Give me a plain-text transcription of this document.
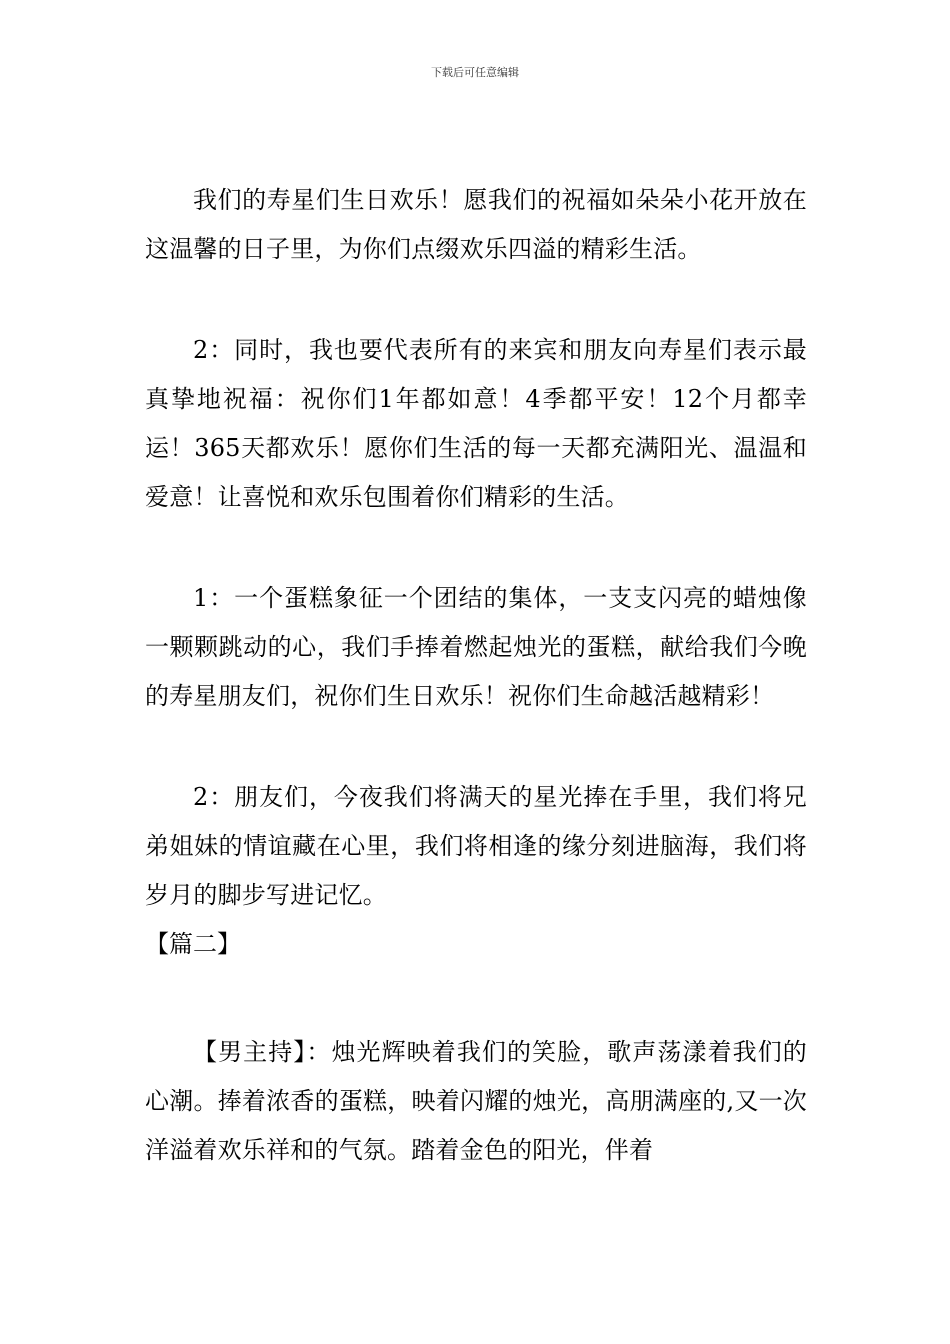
下载后可任意编辑

我们的寿星们生日欢乐！愿我们的祝福如朵朵小花开放在这温馨的日子里，为你们点缀欢乐四溢的精彩生活。

2：同时，我也要代表所有的来宾和朋友向寿星们表示最真挚地祝福：祝你们1年都如意！4季都平安！12个月都幸运！365天都欢乐！愿你们生活的每一天都充满阳光、温温和爱意！让喜悦和欢乐包围着你们精彩的生活。

1：一个蛋糕象征一个团结的集体，一支支闪亮的蜡烛像一颗颗跳动的心，我们手捧着燃起烛光的蛋糕，献给我们今晚的寿星朋友们，祝你们生日欢乐！祝你们生命越活越精彩！

2：朋友们，今夜我们将满天的星光捧在手里，我们将兄弟姐妹的情谊藏在心里，我们将相逢的缘分刻进脑海，我们将岁月的脚步写进记忆。

【篇二】

【男主持】：烛光辉映着我们的笑脸，歌声荡漾着我们的心潮。捧着浓香的蛋糕，映着闪耀的烛光，高朋满座的,又一次洋溢着欢乐祥和的气氛。踏着金色的阳光，伴着
